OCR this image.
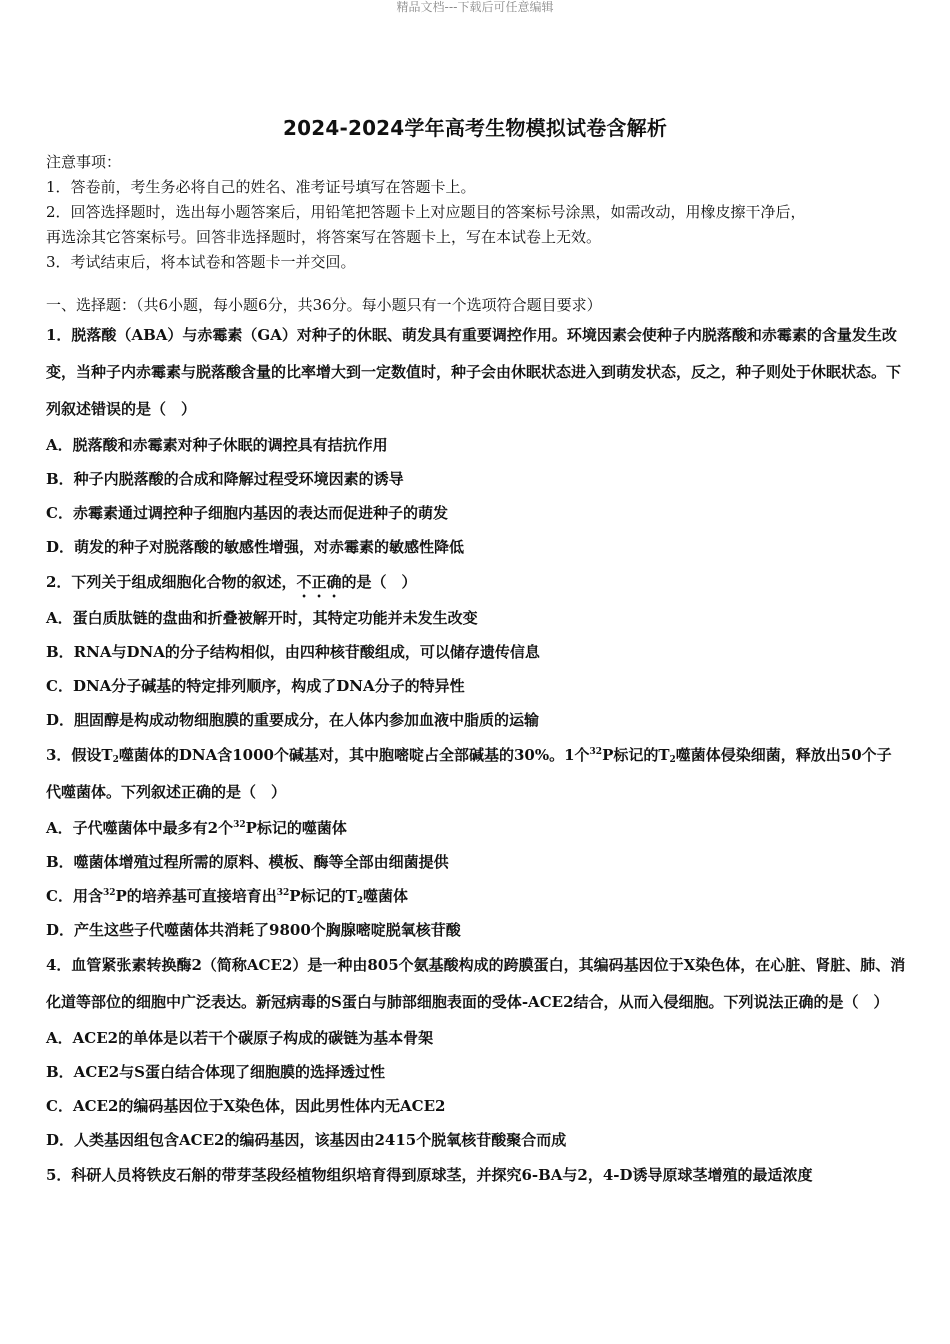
精品文档---下载后可任意编辑
2024-2024学年高考生物模拟试卷含解析
注意事项：
1．答卷前，考生务必将自己的姓名、准考证号填写在答题卡上。
2．回答选择题时，选出每小题答案后，用铅笔把答题卡上对应题目的答案标号涂黑，如需改动，用橡皮擦干净后，
再选涂其它答案标号。回答非选择题时，将答案写在答题卡上，写在本试卷上无效。
3．考试结束后，将本试卷和答题卡一并交回。
一、选择题：（共6小题，每小题6分，共36分。每小题只有一个选项符合题目要求）
1．脱落酸（ABA）与赤霉素（GA）对种子的休眠、萌发具有重要调控作用。环境因素会使种子内脱落酸和赤霉素的含量发生改变，当种子内赤霉素与脱落酸含量的比率增大到一定数值时，种子会由休眠状态进入到萌发状态，反之，种子则处于休眠状态。下列叙述错误的是（　）
A．脱落酸和赤霉素对种子休眠的调控具有拮抗作用
B．种子内脱落酸的合成和降解过程受环境因素的诱导
C．赤霉素通过调控种子细胞内基因的表达而促进种子的萌发
D．萌发的种子对脱落酸的敏感性增强，对赤霉素的敏感性降低
2．下列关于组成细胞化合物的叙述，不正确的是（　）
A．蛋白质肽链的盘曲和折叠被解开时，其特定功能并未发生改变
B．RNA与DNA的分子结构相似，由四种核苷酸组成，可以储存遗传信息
C．DNA分子碱基的特定排列顺序，构成了DNA分子的特异性
D．胆固醇是构成动物细胞膜的重要成分，在人体内参加血液中脂质的运输
3．假设$T_2$噬菌体的DNA含1000个碱基对，其中胞嘧啶占全部碱基的30%。1个$^{32}$P标记的$T_2$噬菌体侵染细菌，释放出50个子代噬菌体。下列叙述正确的是（　）
A．子代噬菌体中最多有2个$^{32}$P标记的噬菌体
B．噬菌体增殖过程所需的原料、模板、酶等全部由细菌提供
C．用含$^{32}$P的培养基可直接培育出$^{32}$P标记的$T_2$噬菌体
D．产生这些子代噬菌体共消耗了9800个胸腺嘧啶脱氧核苷酸
4．血管紧张素转换酶2（简称ACE2）是一种由805个氨基酸构成的跨膜蛋白，其编码基因位于X染色体，在心脏、肾脏、肺、消化道等部位的细胞中广泛表达。新冠病毒的S蛋白与肺部细胞表面的受体-ACE2结合，从而入侵细胞。下列说法正确的是（　）
A．ACE2的单体是以若干个碳原子构成的碳链为基本骨架
B．ACE2与S蛋白结合体现了细胞膜的选择透过性
C．ACE2的编码基因位于X染色体，因此男性体内无ACE2
D．人类基因组包含ACE2的编码基因，该基因由2415个脱氧核苷酸聚合而成
5．科研人员将铁皮石斛的带芽茎段经植物组织培育得到原球茎，并探究6-BA与2，4-D诱导原球茎增殖的最适浓度
